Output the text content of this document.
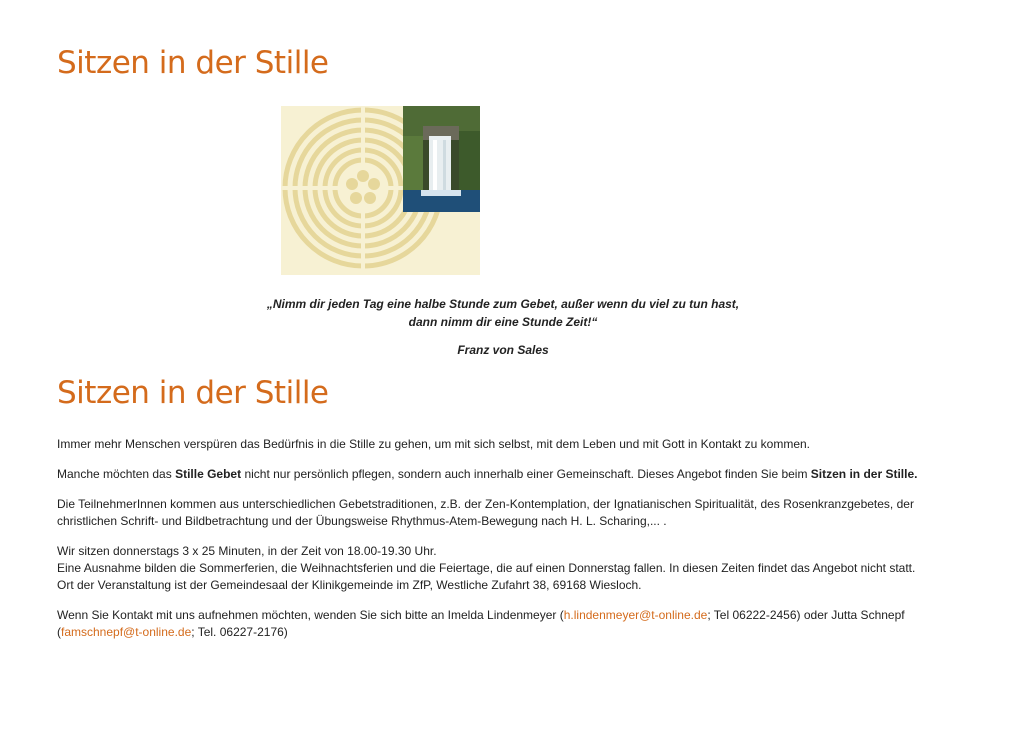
Sitzen in der Stille

„Nimm dir jeden Tag eine halbe Stunde zum Gebet, außer wenn du viel zu tun hast,

dann nimm dir eine Stunde Zeit!“

Franz von Sales
Sitzen in der Stille

Immer mehr Menschen verspüren das Bedürfnis in die Stille zu gehen, um mit sich selbst, mit dem Leben und mit Gott in Kontakt zu kommen.

Manche möchten das Stille Gebet nicht nur persönlich pflegen, sondern auch innerhalb einer Gemeinschaft. Dieses Angebot finden Sie beim Sitzen in der Stille.

Die TeilnehmerInnen kommen aus unterschiedlichen Gebetstraditionen, z.B. der Zen-Kontemplation, der Ignatianischen Spiritualität, des Rosenkranzgebetes, der christlichen Schrift- und Bildbetrachtung und der Übungsweise Rhythmus-Atem-Bewegung nach H. L. Scharing,... .

Wir sitzen donnerstags 3 x 25 Minuten, in der Zeit von 18.00-19.30 Uhr.
Eine Ausnahme bilden die Sommerferien, die Weihnachtsferien und die Feiertage, die auf einen Donnerstag fallen. In diesen Zeiten findet das Angebot nicht statt.
Ort der Veranstaltung ist der Gemeindesaal der Klinikgemeinde im ZfP, Westliche Zufahrt 38, 69168 Wiesloch.

Wenn Sie Kontakt mit uns aufnehmen möchten, wenden Sie sich bitte an Imelda Lindenmeyer (h.lindenmeyer@t-online.de; Tel 06222-2456) oder Jutta Schnepf (famschnepf@t-online.de; Tel. 06227-2176)
